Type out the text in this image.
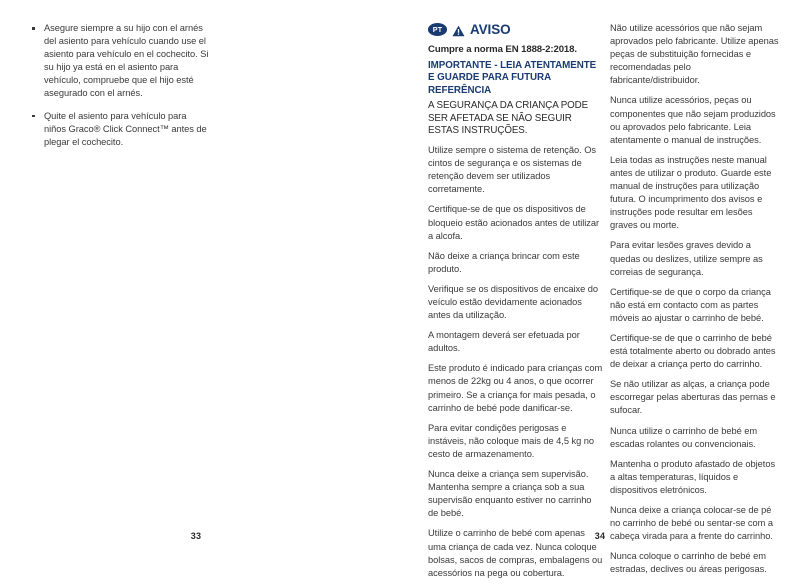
Asegure siempre a su hijo con el arnés del asiento para vehículo cuando use el asiento para vehículo en el cochecito. Si su hijo ya está en el asiento para vehículo, compruebe que el hijo esté asegurado con el arnés.
Quite el asiento para vehículo para niños Graco® Click Connect™ antes de plegar el cochecito.
33
PT	AVISO

Cumpre a norma EN 1888-2:2018.

IMPORTANTE - LEIA ATENTAMENTE E GUARDE PARA FUTURA REFERÊNCIA

A SEGURANÇA DA CRIANÇA PODE SER AFETADA SE NÃO SEGUIR ESTAS INSTRUÇÕES.

Utilize sempre o sistema de retenção. Os cintos de segurança e os sistemas de retenção devem ser utilizados corretamente.

Certifique-se de que os dispositivos de bloqueio estão acionados antes de utilizar a alcofa.

Não deixe a criança brincar com este produto.

Verifique se os dispositivos de encaixe do veículo estão devidamente acionados antes da utilização.

A montagem deverá ser efetuada por adultos.

Este produto é indicado para crianças com menos de 22kg ou 4 anos, o que ocorrer primeiro. Se a criança for mais pesada, o carrinho de bebé pode danificar-se.

Para evitar condições perigosas e instáveis, não coloque mais de 4,5 kg no cesto de armazenamento.

Nunca deixe a criança sem supervisão. Mantenha sempre a criança sob a sua supervisão enquanto estiver no carrinho de bebé.

Utilize o carrinho de bebé com apenas uma criança de cada vez. Nunca coloque bolsas, sacos de compras, embalagens ou acessórios na pega ou cobertura.

Não utilize acessórios que não sejam aprovados pelo fabricante. Utilize apenas peças de substituição fornecidas e recomendadas pelo fabricante/distribuidor.

Nunca utilize acessórios, peças ou componentes que não sejam produzidos ou aprovados pelo fabricante. Leia atentamente o manual de instruções.

Leia todas as instruções neste manual antes de utilizar o produto. Guarde este manual de instruções para utilização futura. O incumprimento dos avisos e instruções pode resultar em lesões graves ou morte.

Para evitar lesões graves devido a quedas ou deslizes, utilize sempre as correias de segurança.

Certifique-se de que o corpo da criança não está em contacto com as partes móveis ao ajustar o carrinho de bebé.

Certifique-se de que o carrinho de bebé está totalmente aberto ou dobrado antes de deixar a criança perto do carrinho.

Se não utilizar as alças, a criança pode escorregar pelas aberturas das pernas e sufocar.

Nunca utilize o carrinho de bebé em escadas rolantes ou convencionais.

Mantenha o produto afastado de objetos a altas temperaturas, líquidos e dispositivos eletrónicos.

Nunca deixe a criança colocar-se de pé no carrinho de bebé ou sentar-se com a cabeça virada para a frente do carrinho.

Nunca coloque o carrinho de bebé em estradas, declives ou áreas perigosas.

34
